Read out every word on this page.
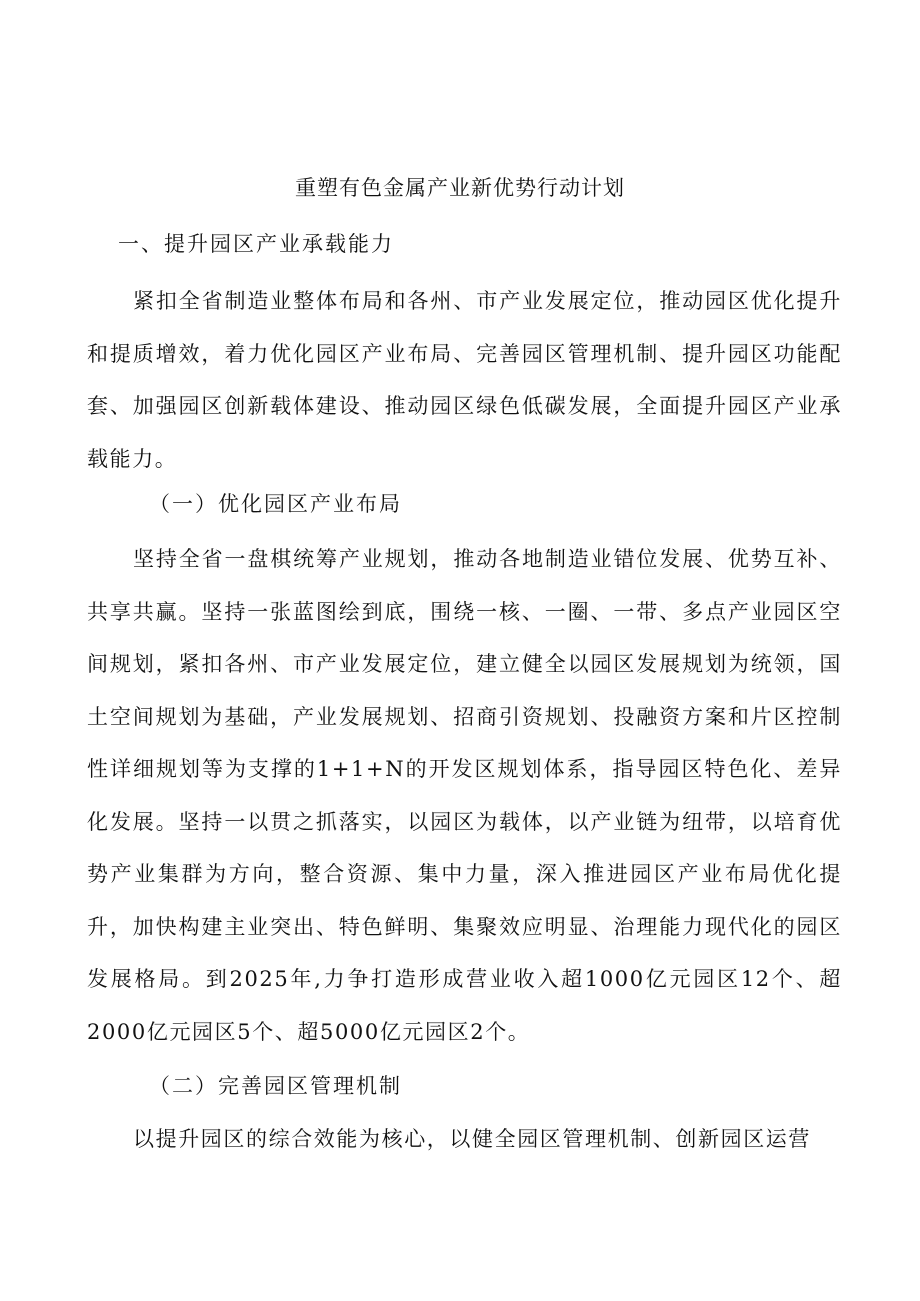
重塑有色金属产业新优势行动计划
一、提升园区产业承载能力
紧扣全省制造业整体布局和各州、市产业发展定位，推动园区优化提升和提质增效，着力优化园区产业布局、完善园区管理机制、提升园区功能配套、加强园区创新载体建设、推动园区绿色低碳发展，全面提升园区产业承载能力。
（一）优化园区产业布局
坚持全省一盘棋统筹产业规划，推动各地制造业错位发展、优势互补、共享共赢。坚持一张蓝图绘到底，围绕一核、一圈、一带、多点产业园区空间规划，紧扣各州、市产业发展定位，建立健全以园区发展规划为统领，国土空间规划为基础，产业发展规划、招商引资规划、投融资方案和片区控制性详细规划等为支撑的1+1+N的开发区规划体系，指导园区特色化、差异化发展。坚持一以贯之抓落实，以园区为载体，以产业链为纽带，以培育优势产业集群为方向，整合资源、集中力量，深入推进园区产业布局优化提升，加快构建主业突出、特色鲜明、集聚效应明显、治理能力现代化的园区发展格局。到2025年,力争打造形成营业收入超1000亿元园区12个、超2000亿元园区5个、超5000亿元园区2个。
（二）完善园区管理机制
以提升园区的综合效能为核心，以健全园区管理机制、创新园区运营
